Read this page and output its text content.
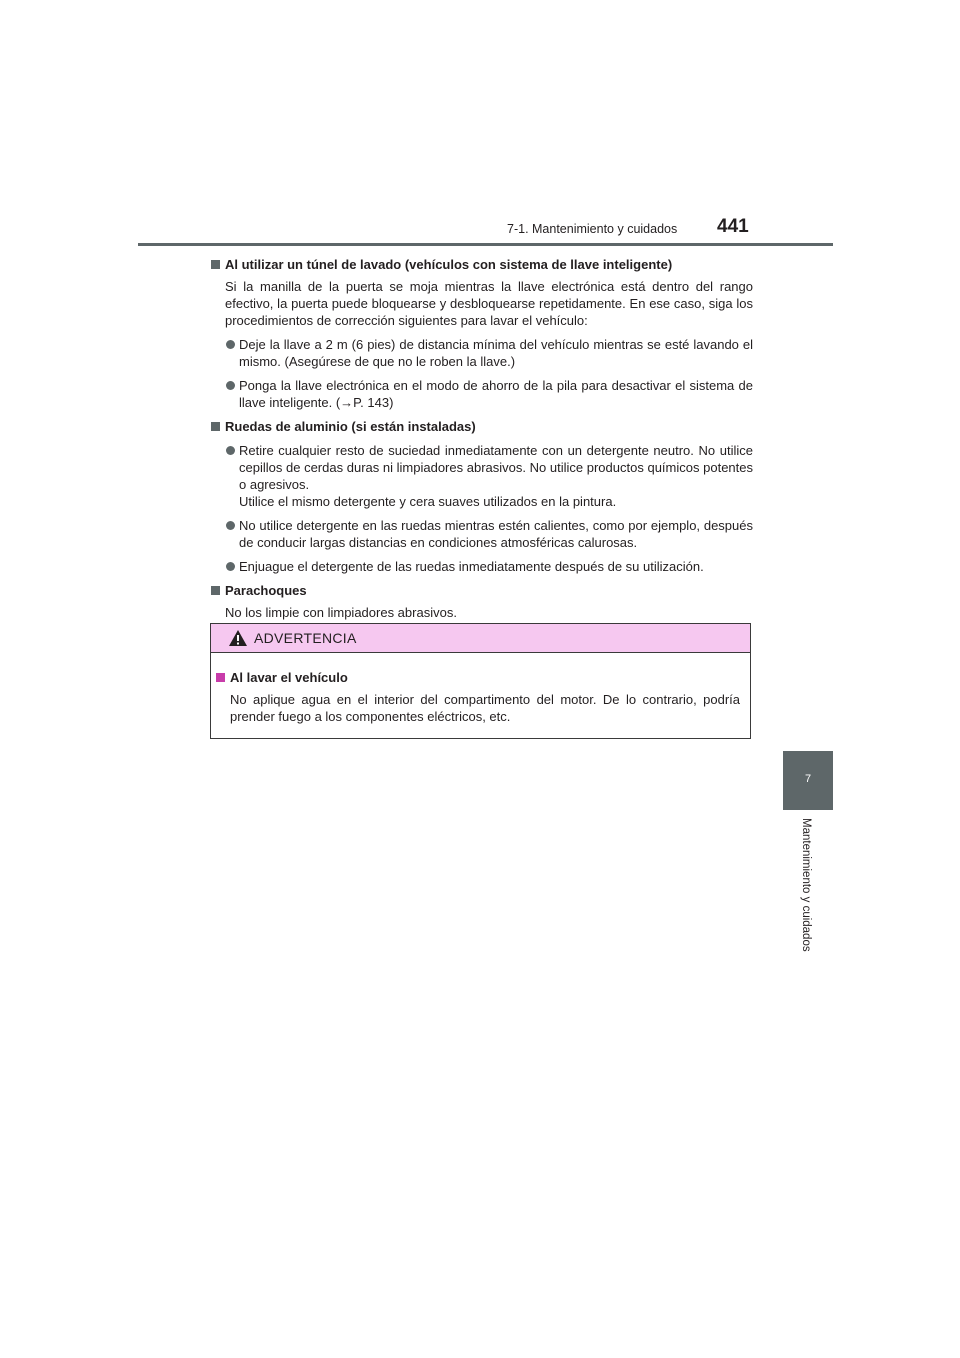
7-1. Mantenimiento y cuidados 441
7
Mantenimiento y cuidados
Al utilizar un túnel de lavado (vehículos con sistema de llave inteligente)
Si la manilla de la puerta se moja mientras la llave electrónica está dentro del rango efectivo, la puerta puede bloquearse y desbloquearse repetidamente. En ese caso, siga los procedimientos de corrección siguientes para lavar el vehículo:
Deje la llave a 2 m (6 pies) de distancia mínima del vehículo mientras se esté lavando el mismo. (Asegúrese de que no le roben la llave.)
Ponga la llave electrónica en el modo de ahorro de la pila para desactivar el sistema de llave inteligente. (→P. 143)
Ruedas de aluminio (si están instaladas)
Retire cualquier resto de suciedad inmediatamente con un detergente neutro. No utilice cepillos de cerdas duras ni limpiadores abrasivos. No utilice productos químicos potentes o agresivos.
Utilice el mismo detergente y cera suaves utilizados en la pintura.
No utilice detergente en las ruedas mientras estén calientes, como por ejemplo, después de conducir largas distancias en condiciones atmosféricas calurosas.
Enjuague el detergente de las ruedas inmediatamente después de su utilización.
Parachoques
No los limpie con limpiadores abrasivos.
ADVERTENCIA
Al lavar el vehículo
No aplique agua en el interior del compartimento del motor. De lo contrario, podría prender fuego a los componentes eléctricos, etc.
